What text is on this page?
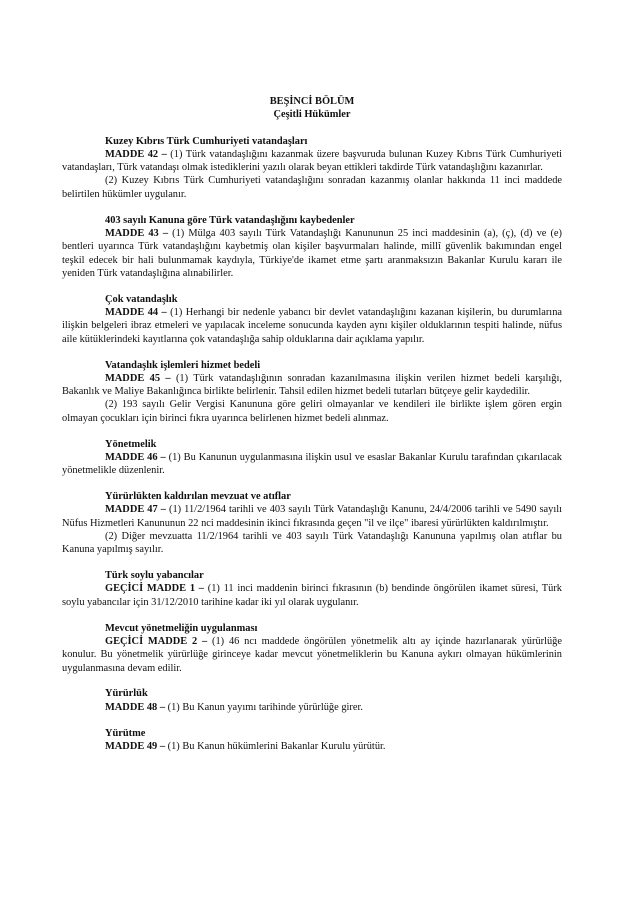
BEŞİNCİ BÖLÜM

Çeşitli Hükümler

Kuzey Kıbrıs Türk Cumhuriyeti vatandaşları

MADDE 42 – (1) Türk vatandaşlığını kazanmak üzere başvuruda bulunan Kuzey Kıbrıs Türk Cumhuriyeti vatandaşları, Türk vatandaşı olmak istediklerini yazılı olarak beyan ettikleri takdirde Türk vatandaşlığını kazanırlar.

(2) Kuzey Kıbrıs Türk Cumhuriyeti vatandaşlığını sonradan kazanmış olanlar hakkında 11 inci maddede belirtilen hükümler uygulanır.

403 sayılı Kanuna göre Türk vatandaşlığını kaybedenler

MADDE 43 – (1) Mülga 403 sayılı Türk Vatandaşlığı Kanununun 25 inci maddesinin (a), (ç), (d) ve (e) bentleri uyarınca Türk vatandaşlığını kaybetmiş olan kişiler başvurmaları halinde, millî güvenlik bakımından engel teşkil edecek bir hali bulunmamak kaydıyla, Türkiye'de ikamet etme şartı aranmaksızın Bakanlar Kurulu kararı ile yeniden Türk vatandaşlığına alınabilirler.

Çok vatandaşlık

MADDE 44 – (1) Herhangi bir nedenle yabancı bir devlet vatandaşlığını kazanan kişilerin, bu durumlarına ilişkin belgeleri ibraz etmeleri ve yapılacak inceleme sonucunda kayden aynı kişiler olduklarının tespiti halinde, nüfus aile kütüklerindeki kayıtlarına çok vatandaşlığa sahip olduklarına dair açıklama yapılır.

Vatandaşlık işlemleri hizmet bedeli

MADDE 45 – (1) Türk vatandaşlığının sonradan kazanılmasına ilişkin verilen hizmet bedeli karşılığı, Bakanlık ve Maliye Bakanlığınca birlikte belirlenir. Tahsil edilen hizmet bedeli tutarları bütçeye gelir kaydedilir.

(2) 193 sayılı Gelir Vergisi Kanununa göre geliri olmayanlar ve kendileri ile birlikte işlem gören ergin olmayan çocukları için birinci fıkra uyarınca belirlenen hizmet bedeli alınmaz.

Yönetmelik

MADDE 46 – (1) Bu Kanunun uygulanmasına ilişkin usul ve esaslar Bakanlar Kurulu tarafından çıkarılacak yönetmelikle düzenlenir.

Yürürlükten kaldırılan mevzuat ve atıflar

MADDE 47 – (1) 11/2/1964 tarihli ve 403 sayılı Türk Vatandaşlığı Kanunu, 24/4/2006 tarihli ve 5490 sayılı Nüfus Hizmetleri Kanununun 22 nci maddesinin ikinci fıkrasında geçen "il ve ilçe" ibaresi yürürlükten kaldırılmıştır.

(2) Diğer mevzuatta 11/2/1964 tarihli ve 403 sayılı Türk Vatandaşlığı Kanununa yapılmış olan atıflar bu Kanuna yapılmış sayılır.

Türk soylu yabancılar

GEÇİCİ MADDE 1 – (1) 11 inci maddenin birinci fıkrasının (b) bendinde öngörülen ikamet süresi, Türk soylu yabancılar için 31/12/2010 tarihine kadar iki yıl olarak uygulanır.

Mevcut yönetmeliğin uygulanması

GEÇİCİ MADDE 2 – (1) 46 ncı maddede öngörülen yönetmelik altı ay içinde hazırlanarak yürürlüğe konulur. Bu yönetmelik yürürlüğe girinceye kadar mevcut yönetmeliklerin bu Kanuna aykırı olmayan hükümlerinin uygulanmasına devam edilir.

Yürürlük

MADDE 48 – (1) Bu Kanun yayımı tarihinde yürürlüğe girer.

Yürütme

MADDE 49 – (1) Bu Kanun hükümlerini Bakanlar Kurulu yürütür.
